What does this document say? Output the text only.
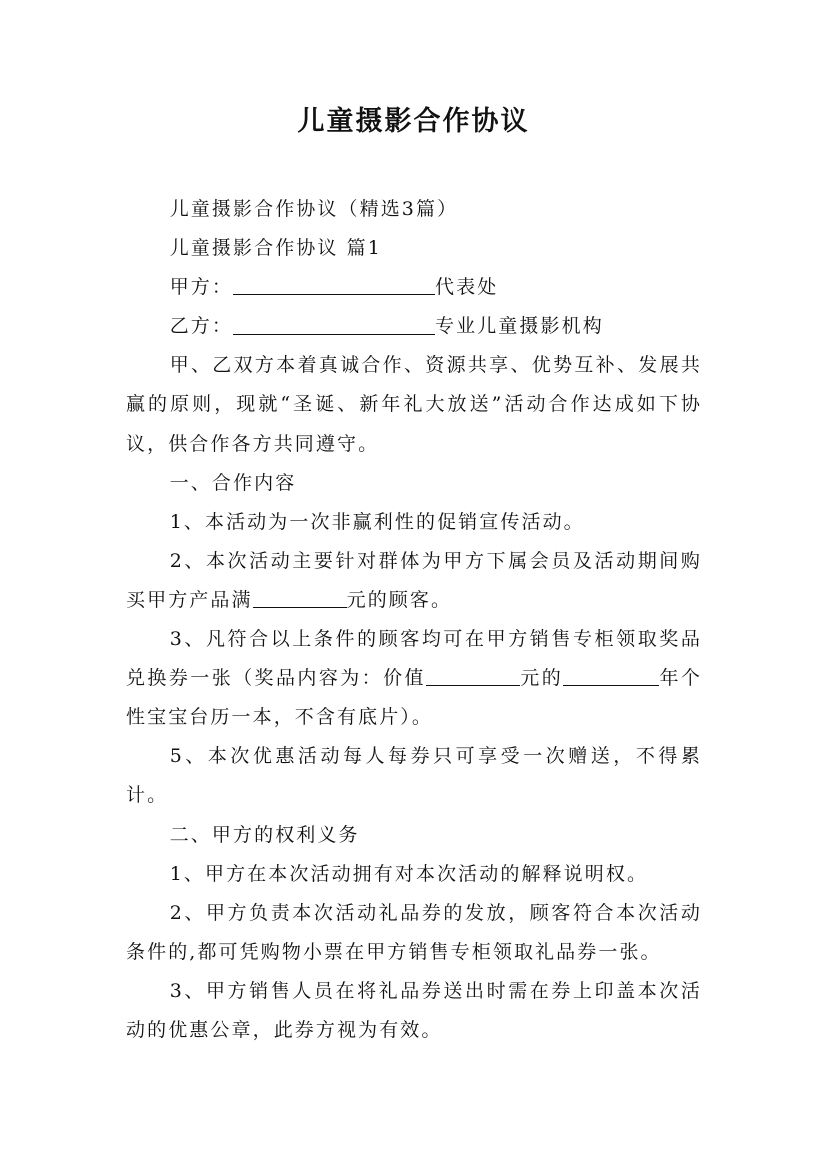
儿童摄影合作协议

儿童摄影合作协议（精选3篇）

儿童摄影合作协议 篇1

甲方：	代表处

乙方：	专业儿童摄影机构

甲、乙双方本着真诚合作、资源共享、优势互补、发展共赢的原则，现就“圣诞、新年礼大放送”活动合作达成如下协议，供合作各方共同遵守。

一、合作内容

1、本活动为一次非赢利性的促销宣传活动。

2、本次活动主要针对群体为甲方下属会员及活动期间购买甲方产品满	元的顾客。

3、凡符合以上条件的顾客均可在甲方销售专柜领取奖品兑换券一张（奖品内容为：价值	元的	年个性宝宝台历一本，不含有底片）。

5、本次优惠活动每人每券只可享受一次赠送，不得累计。

二、甲方的权利义务

1、甲方在本次活动拥有对本次活动的解释说明权。

2、甲方负责本次活动礼品券的发放，顾客符合本次活动条件的,都可凭购物小票在甲方销售专柜领取礼品券一张。

3、甲方销售人员在将礼品券送出时需在券上印盖本次活动的优惠公章，此券方视为有效。
